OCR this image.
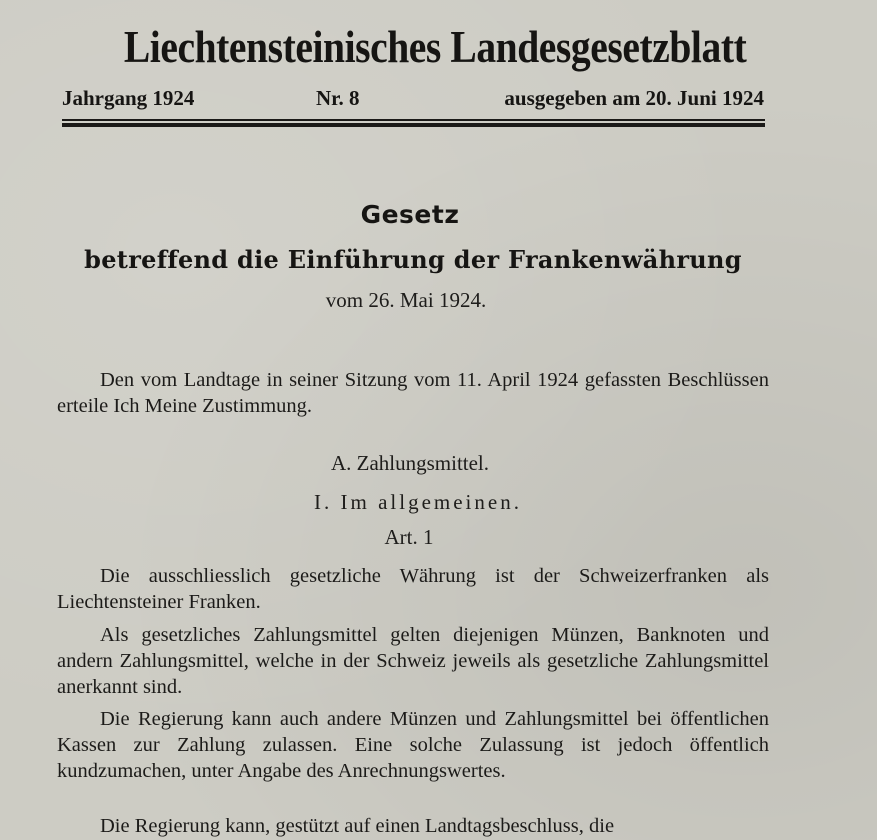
Liechtensteinisches Landesgesetzblatt
Jahrgang 1924	Nr. 8	ausgegeben am 20. Juni 1924
Gesetz
betreffend die Einführung der Frankenwährung
vom 26. Mai 1924.

Den vom Landtage in seiner Sitzung vom 11. April 1924 gefassten Beschlüssen erteile Ich Meine Zustimmung.

A. Zahlungsmittel.
I. Im allgemeinen.
Art. 1

Die ausschliesslich gesetzliche Währung ist der Schweizerfranken als Liechtensteiner Franken.

Als gesetzliches Zahlungsmittel gelten diejenigen Münzen, Banknoten und andern Zahlungsmittel, welche in der Schweiz jeweils als gesetzliche Zahlungsmittel anerkannt sind.

Die Regierung kann auch andere Münzen und Zahlungsmittel bei öffentlichen Kassen zur Zahlung zulassen. Eine solche Zulassung ist jedoch öffentlich kundzumachen, unter Angabe des Anrechnungswertes.

Die Regierung kann, gestützt auf einen Landtagsbeschluss, die
